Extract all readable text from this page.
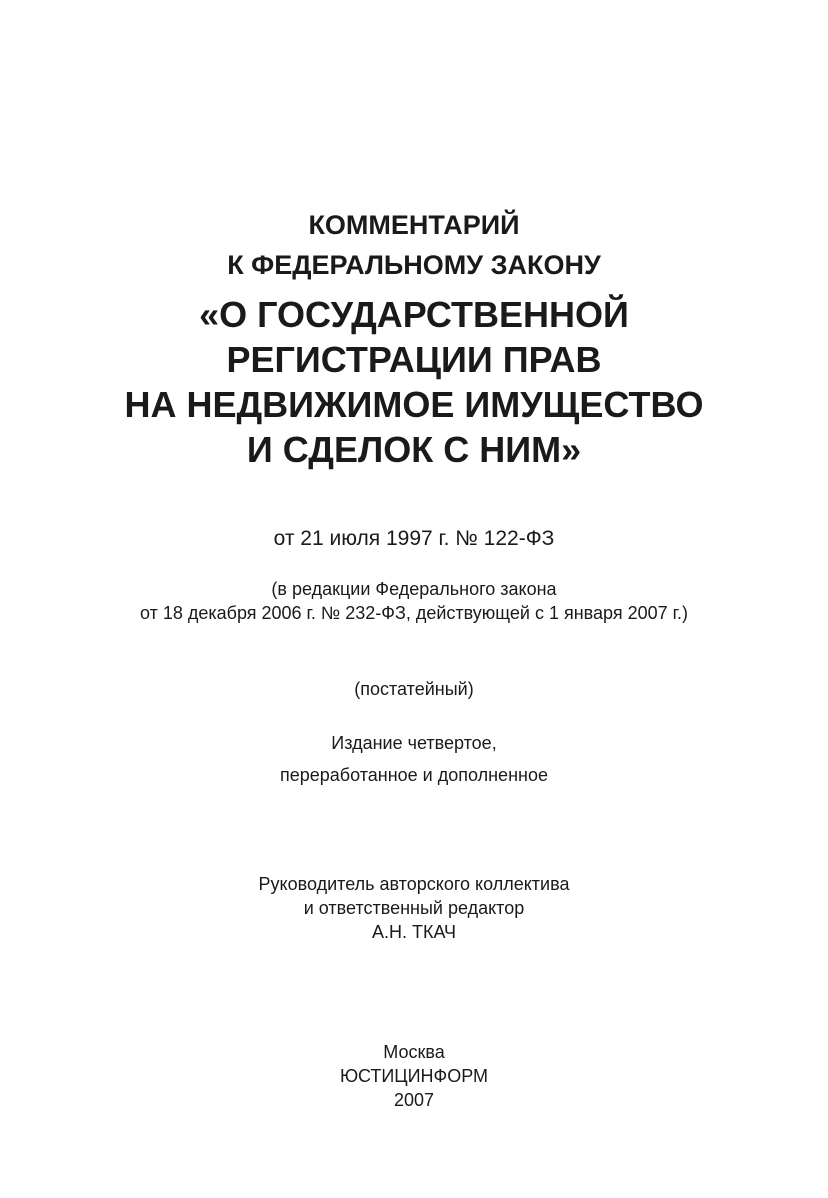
КОММЕНТАРИЙ
К ФЕДЕРАЛЬНОМУ ЗАКОНУ
«О ГОСУДАРСТВЕННОЙ
РЕГИСТРАЦИИ ПРАВ
НА НЕДВИЖИМОЕ ИМУЩЕСТВО
И СДЕЛОК С НИМ»
от 21 июля 1997 г. № 122-ФЗ
(в редакции Федерального закона
от 18 декабря 2006 г. № 232-ФЗ, действующей с 1 января 2007 г.)
(постатейный)
Издание четвертое,
переработанное и дополненное
Руководитель авторского коллектива
и ответственный редактор
А.Н. ТКАЧ
Москва
ЮСТИЦИНФОРМ
2007
